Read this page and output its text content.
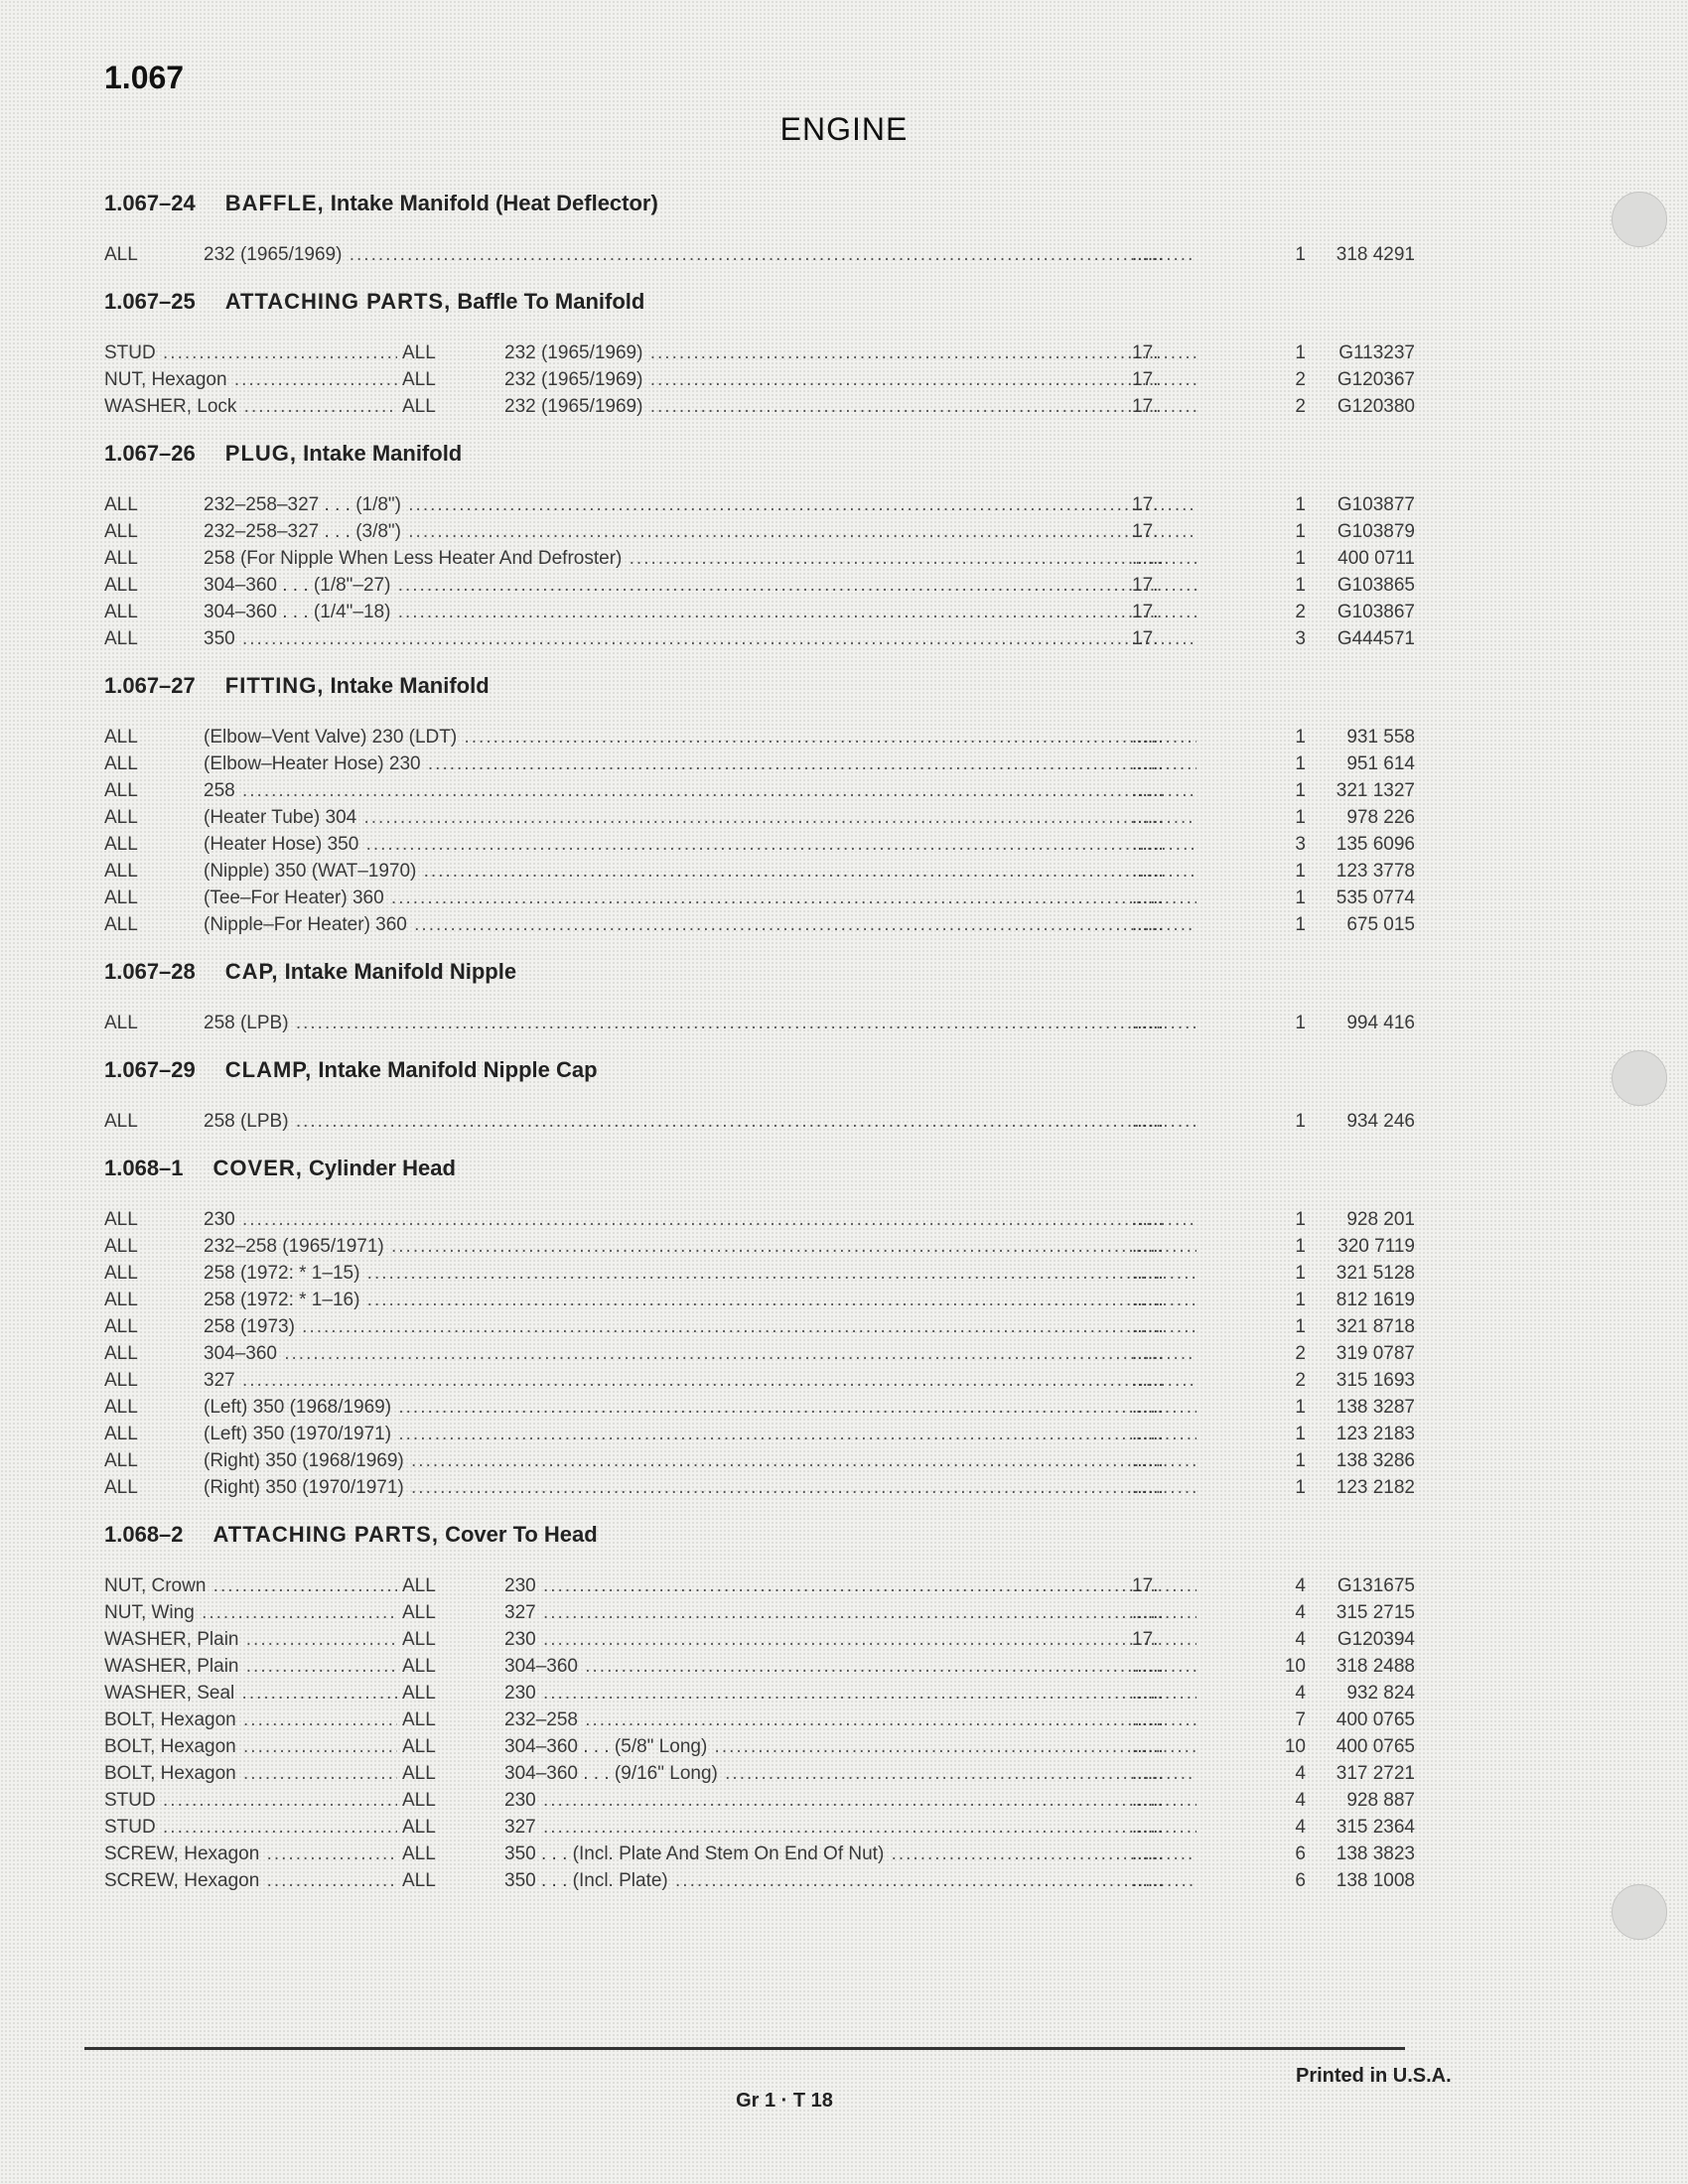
1.067
ENGINE
1.067–24 BAFFLE,
Intake Manifold (Heat Deflector)
ALL	232 (1965/1969) .....	......	1	318 4291
1.067–25 ATTACHING PARTS,
Baffle To Manifold
STUD .....	ALL	232 (1965/1969) .....	17.	1	G113237
NUT, Hexagon .....	ALL	232 (1965/1969) .....	17.	2	G120367
WASHER, Lock .....	ALL	232 (1965/1969) .....	17.	2	G120380
1.067–26 PLUG,
Intake Manifold
ALL	232–258–327 . . . (1/8") .....	17.	1	G103877
ALL	232–258–327 . . . (3/8") .....	17.	1	G103879
ALL	258 (For Nipple When Less Heater And Defroster) .....	......	1	400 0711
ALL	304–360 . . . (1/8"–27) .....	17.	1	G103865
ALL	304–360 . . . (1/4"–18) .....	17.	2	G103867
ALL	350 .....	17.	3	G444571
1.067–27 FITTING,
Intake Manifold
ALL	(Elbow–Vent Valve) 230 (LDT) .....	......	1	931 558
ALL	(Elbow–Heater Hose) 230 .....	......	1	951 614
ALL	258 .....	......	1	321 1327
ALL	(Heater Tube) 304 .....	......	1	978 226
ALL	(Heater Hose) 350 .....	......	3	135 6096
ALL	(Nipple) 350 (WAT–1970) .....	......	1	123 3778
ALL	(Tee–For Heater) 360 .....	......	1	535 0774
ALL	(Nipple–For Heater) 360 .....	......	1	675 015
1.067–28 CAP,
Intake Manifold Nipple
ALL	258 (LPB) .....	......	1	994 416
1.067–29 CLAMP,
Intake Manifold Nipple Cap
ALL	258 (LPB) .....	......	1	934 246
1.068–1 COVER,
Cylinder Head
ALL	230 .....	......	1	928 201
ALL	232–258 (1965/1971) .....	......	1	320 7119
ALL	258 (1972: * 1–15) .....	......	1	321 5128
ALL	258 (1972: * 1–16) .....	......	1	812 1619
ALL	258 (1973) .....	......	1	321 8718
ALL	304–360 .....	......	2	319 0787
ALL	327 .....	......	2	315 1693
ALL	(Left) 350 (1968/1969) .....	......	1	138 3287
ALL	(Left) 350 (1970/1971) .....	......	1	123 2183
ALL	(Right) 350 (1968/1969) .....	......	1	138 3286
ALL	(Right) 350 (1970/1971) .....	......	1	123 2182
1.068–2 ATTACHING PARTS,
Cover To Head
NUT, Crown .....	ALL	230 .....	17.	4	G131675
NUT, Wing .....	ALL	327 .....	......	4	315 2715
WASHER, Plain .....	ALL	230 .....	17.	4	G120394
WASHER, Plain .....	ALL	304–360 .....	......	10	318 2488
WASHER, Seal .....	ALL	230 .....	......	4	932 824
BOLT, Hexagon .....	ALL	232–258 .....	......	7	400 0765
BOLT, Hexagon .....	ALL	304–360 . . . (5/8" Long) .....	......	10	400 0765
BOLT, Hexagon .....	ALL	304–360 . . . (9/16" Long) .....	......	4	317 2721
STUD .....	ALL	230 .....	......	4	928 887
STUD .....	ALL	327 .....	......	4	315 2364
SCREW, Hexagon .....	ALL	350 . . . (Incl. Plate And Stem On End Of Nut) .....	......	6	138 3823
SCREW, Hexagon .....	ALL	350 . . . (Incl. Plate) .....	......	6	138 1008
Printed in U.S.A.
Gr 1 · T 18
